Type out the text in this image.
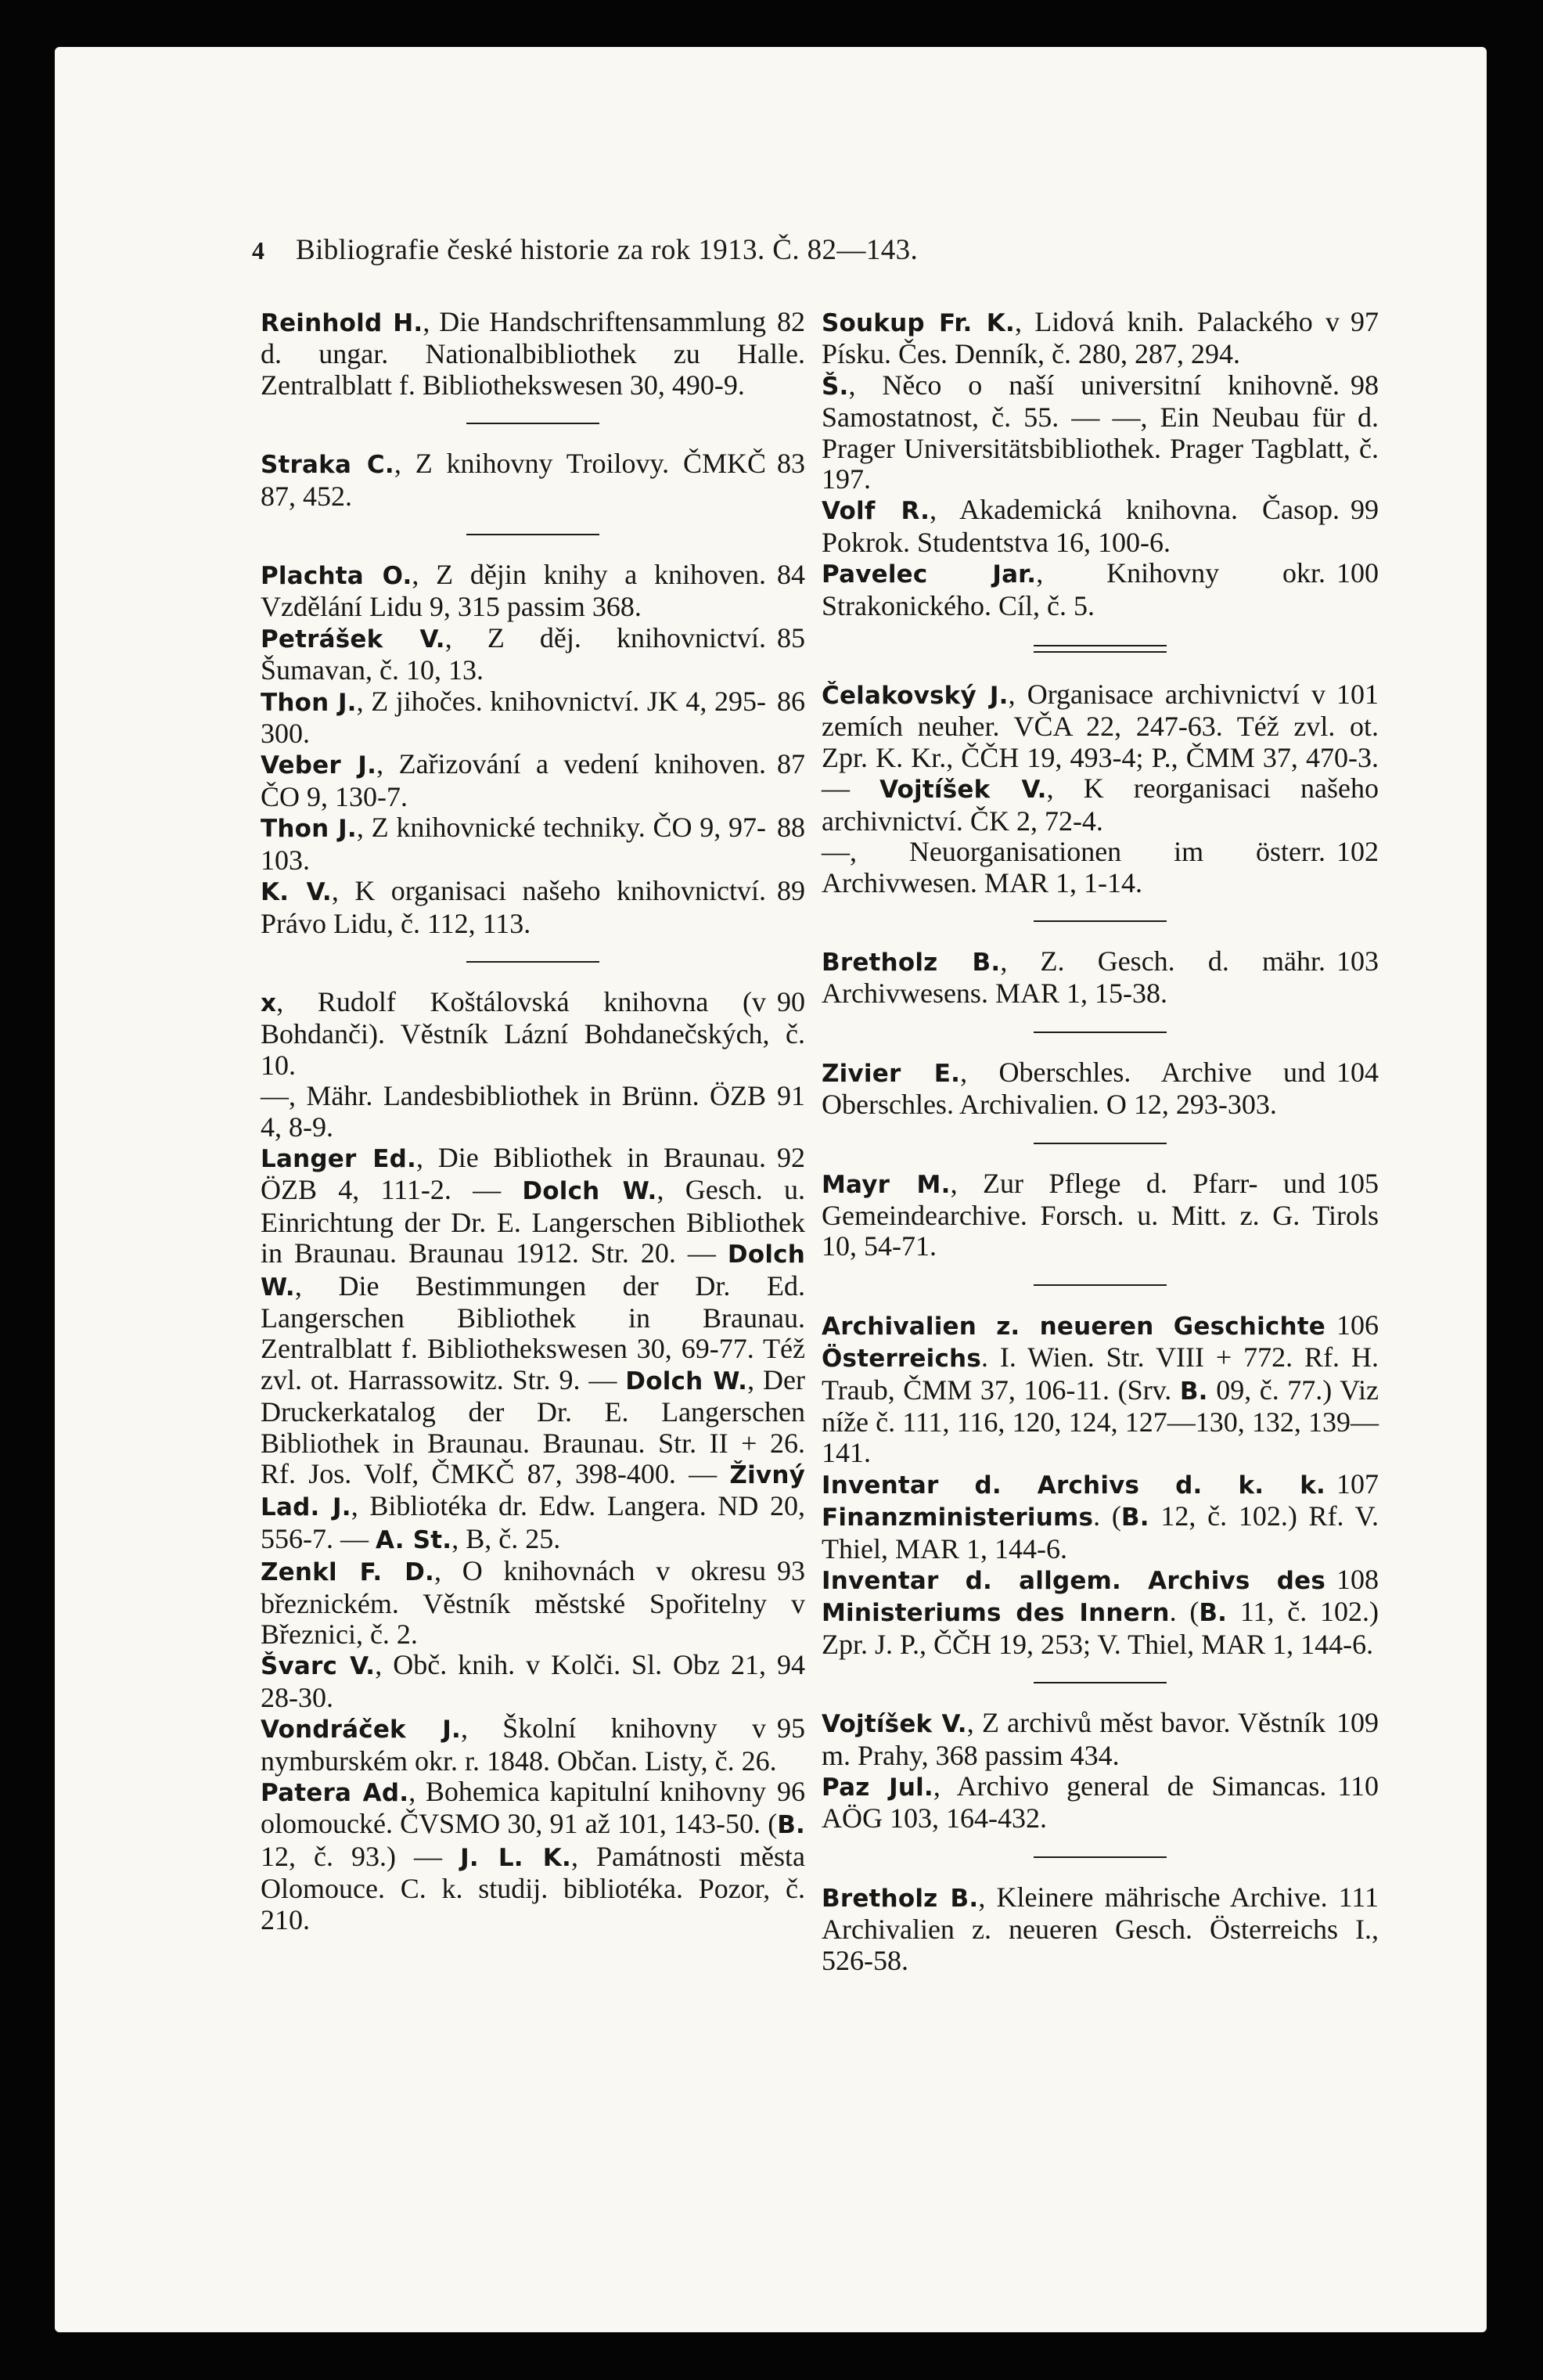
4 Bibliografie české historie za rok 1913. Č. 82—143.

82
Reinhold H., Die Handschriftensammlung d. ungar. Nationalbibliothek zu Halle. Zentralblatt f. Bibliothekswesen 30, 490-9.

83
Straka C., Z knihovny Troilovy. ČMKČ 87, 452.

84
Plachta O., Z dějin knihy a knihoven. Vzdělání Lidu 9, 315 passim 368.

85
Petrášek V., Z děj. knihovnictví. Šumavan, č. 10, 13.

86
Thon J., Z jihočes. knihovnictví. JK 4, 295-300.

87
Veber J., Zařizování a vedení knihoven. ČO 9, 130-7.

88
Thon J., Z knihovnické techniky. ČO 9, 97-103.

89
K. V., K organisaci našeho knihovnictví. Právo Lidu, č. 112, 113.

90
x, Rudolf Koštálovská knihovna (v Bohdanči). Věstník Lázní Bohdanečských, č. 10.

91
—, Mähr. Landesbibliothek in Brünn. ÖZB 4, 8-9.

92
Langer Ed., Die Bibliothek in Braunau. ÖZB 4, 111-2. — Dolch W., Gesch. u. Einrichtung der Dr. E. Langerschen Bibliothek in Braunau. Braunau 1912. Str. 20. — Dolch W., Die Bestimmungen der Dr. Ed. Langerschen Bibliothek in Braunau. Zentralblatt f. Bibliothekswesen 30, 69-77. Též zvl. ot. Harrassowitz. Str. 9. — Dolch W., Der Druckerkatalog der Dr. E. Langerschen Bibliothek in Braunau. Braunau. Str. II + 26. Rf. Jos. Volf, ČMKČ 87, 398-400. — Živný Lad. J., Bibliotéka dr. Edw. Langera. ND 20, 556-7. — A. St., B, č. 25.

93
Zenkl F. D., O knihovnách v okresu březnickém. Věstník městské Spořitelny v Březnici, č. 2.

94
Švarc V., Obč. knih. v Kolči. Sl. Obz 21, 28-30.

95
Vondráček J., Školní knihovny v nymburském okr. r. 1848. Občan. Listy, č. 26.

96
Patera Ad., Bohemica kapitulní knihovny olomoucké. ČVSMO 30, 91 až 101, 143-50. (B. 12, č. 93.) — J. L. K., Památnosti města Olomouce. C. k. studij. bibliotéka. Pozor, č. 210.

97
Soukup Fr. K., Lidová knih. Palackého v Písku. Čes. Denník, č. 280, 287, 294.

98
Š., Něco o naší universitní knihovně. Samostatnost, č. 55. — —, Ein Neubau für d. Prager Universitätsbibliothek. Prager Tagblatt, č. 197.

99
Volf R., Akademická knihovna. Časop. Pokrok. Studentstva 16, 100-6.

100
Pavelec Jar., Knihovny okr. Strakonického. Cíl, č. 5.

101
Čelakovský J., Organisace archivnictví v zemích neuher. VČA 22, 247-63. Též zvl. ot. Zpr. K. Kr., ČČH 19, 493-4; P., ČMM 37, 470-3. — Vojtíšek V., K reorganisaci našeho archivnictví. ČK 2, 72-4.

102
—, Neuorganisationen im österr. Archivwesen. MAR 1, 1-14.

103
Bretholz B., Z. Gesch. d. mähr. Archivwesens. MAR 1, 15-38.

104
Zivier E., Oberschles. Archive und Oberschles. Archivalien. O 12, 293-303.

105
Mayr M., Zur Pflege d. Pfarr- und Gemeindearchive. Forsch. u. Mitt. z. G. Tirols 10, 54-71.

106
Archivalien z. neueren Geschichte Österreichs. I. Wien. Str. VIII + 772. Rf. H. Traub, ČMM 37, 106-11. (Srv. B. 09, č. 77.) Viz níže č. 111, 116, 120, 124, 127—130, 132, 139—141.

107
Inventar d. Archivs d. k. k. Finanzministeriums. (B. 12, č. 102.) Rf. V. Thiel, MAR 1, 144-6.

108
Inventar d. allgem. Archivs des Ministeriums des Innern. (B. 11, č. 102.) Zpr. J. P., ČČH 19, 253; V. Thiel, MAR 1, 144-6.

109
Vojtíšek V., Z archivů měst bavor. Věstník m. Prahy, 368 passim 434.

110
Paz Jul., Archivo general de Simancas. AÖG 103, 164-432.

111
Bretholz B., Kleinere mährische Archive. Archivalien z. neueren Gesch. Österreichs I., 526-58.
